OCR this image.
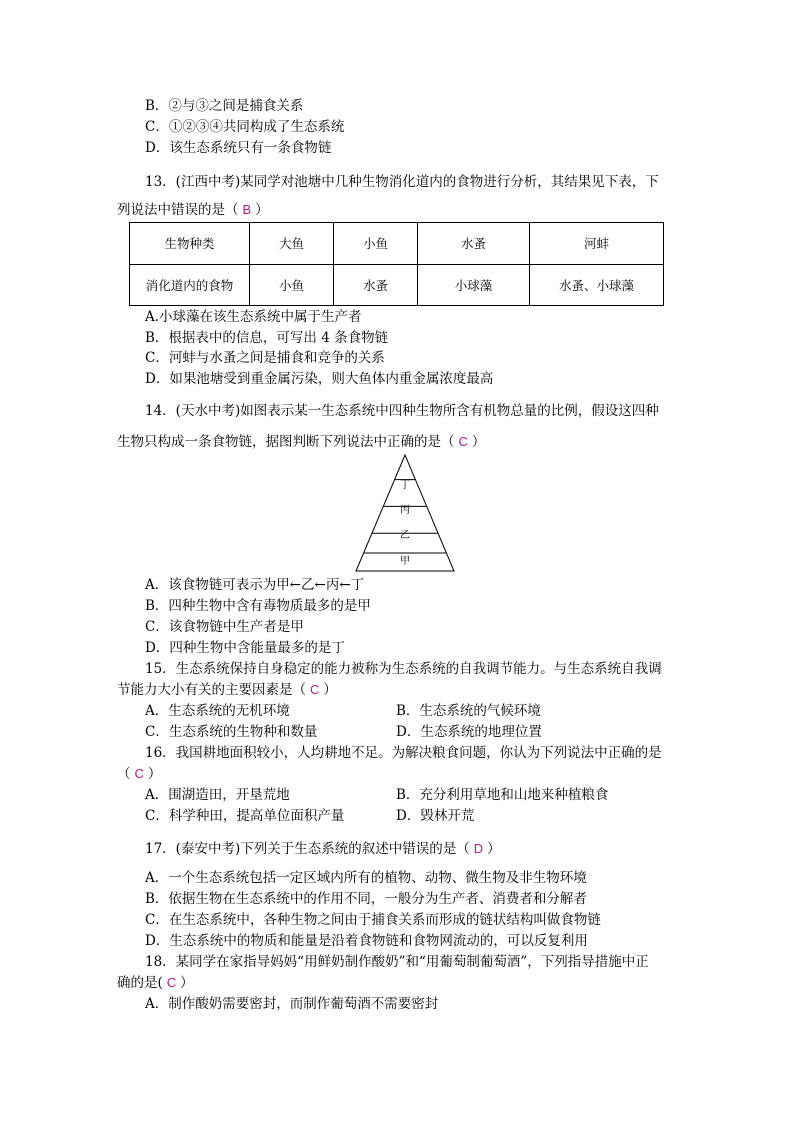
B．②与③之间是捕食关系
C．①②③④共同构成了生态系统
D．该生态系统只有一条食物链
13．(江西中考)某同学对池塘中几种生物消化道内的食物进行分析，其结果见下表，下
列说法中错误的是（ B ）
生物种类	大鱼	小鱼	水蚤	河蚌
消化道内的食物	小鱼	水蚤	小球藻	水蚤、小球藻
A.小球藻在该生态系统中属于生产者
B．根据表中的信息，可写出 4 条食物链
C．河蚌与水蚤之间是捕食和竞争的关系
D．如果池塘受到重金属污染，则大鱼体内重金属浓度最高
14．(天水中考)如图表示某一生态系统中四种生物所含有机物总量的比例，假设这四种
生物只构成一条食物链，据图判断下列说法中正确的是（ C ）
丁
丙
乙
甲
A．该食物链可表示为甲←乙←丙←丁
B．四种生物中含有毒物质最多的是甲
C．该食物链中生产者是甲
D．四种生物中含能量最多的是丁
15．生态系统保持自身稳定的能力被称为生态系统的自我调节能力。与生态系统自我调
节能力大小有关的主要因素是（ C ）
A．生态系统的无机环境	B．生态系统的气候环境
C．生态系统的生物种和数量	D．生态系统的地理位置
16．我国耕地面积较小，人均耕地不足。为解决粮食问题，你认为下列说法中正确的是
（ C ）
A．围湖造田，开垦荒地	B．充分利用草地和山地来种植粮食
C．科学种田，提高单位面积产量	D．毁林开荒
17．(泰安中考)下列关于生态系统的叙述中错误的是（ D ）
A．一个生态系统包括一定区域内所有的植物、动物、微生物及非生物环境
B．依据生物在生态系统中的作用不同，一般分为生产者、消费者和分解者
C．在生态系统中，各种生物之间由于捕食关系而形成的链状结构叫做食物链
D．生态系统中的物质和能量是沿着食物链和食物网流动的，可以反复利用
18．某同学在家指导妈妈“用鲜奶制作酸奶”和“用葡萄制葡萄酒”，下列指导措施中正
确的是( C ）
A．制作酸奶需要密封，而制作葡萄酒不需要密封
